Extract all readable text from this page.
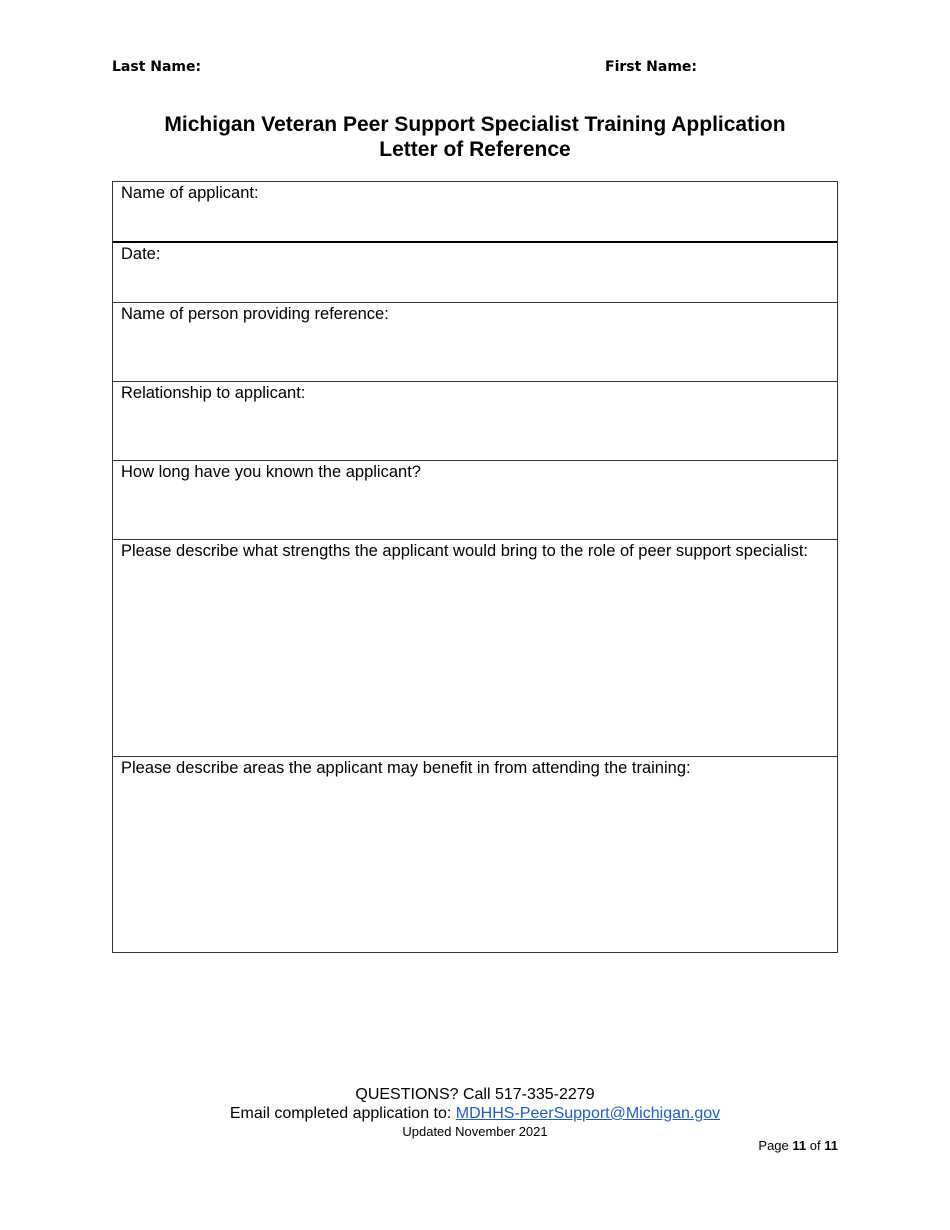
Last Name:	First Name:
Michigan Veteran Peer Support Specialist Training Application
Letter of Reference
Name of applicant:
Date:
Name of person providing reference:
Relationship to applicant:
How long have you known the applicant?
Please describe what strengths the applicant would bring to the role of peer support specialist:
Please describe areas the applicant may benefit in from attending the training:
QUESTIONS? Call 517-335-2279
Email completed application to: MDHHS-PeerSupport@Michigan.gov
Updated November 2021
Page 11 of 11
